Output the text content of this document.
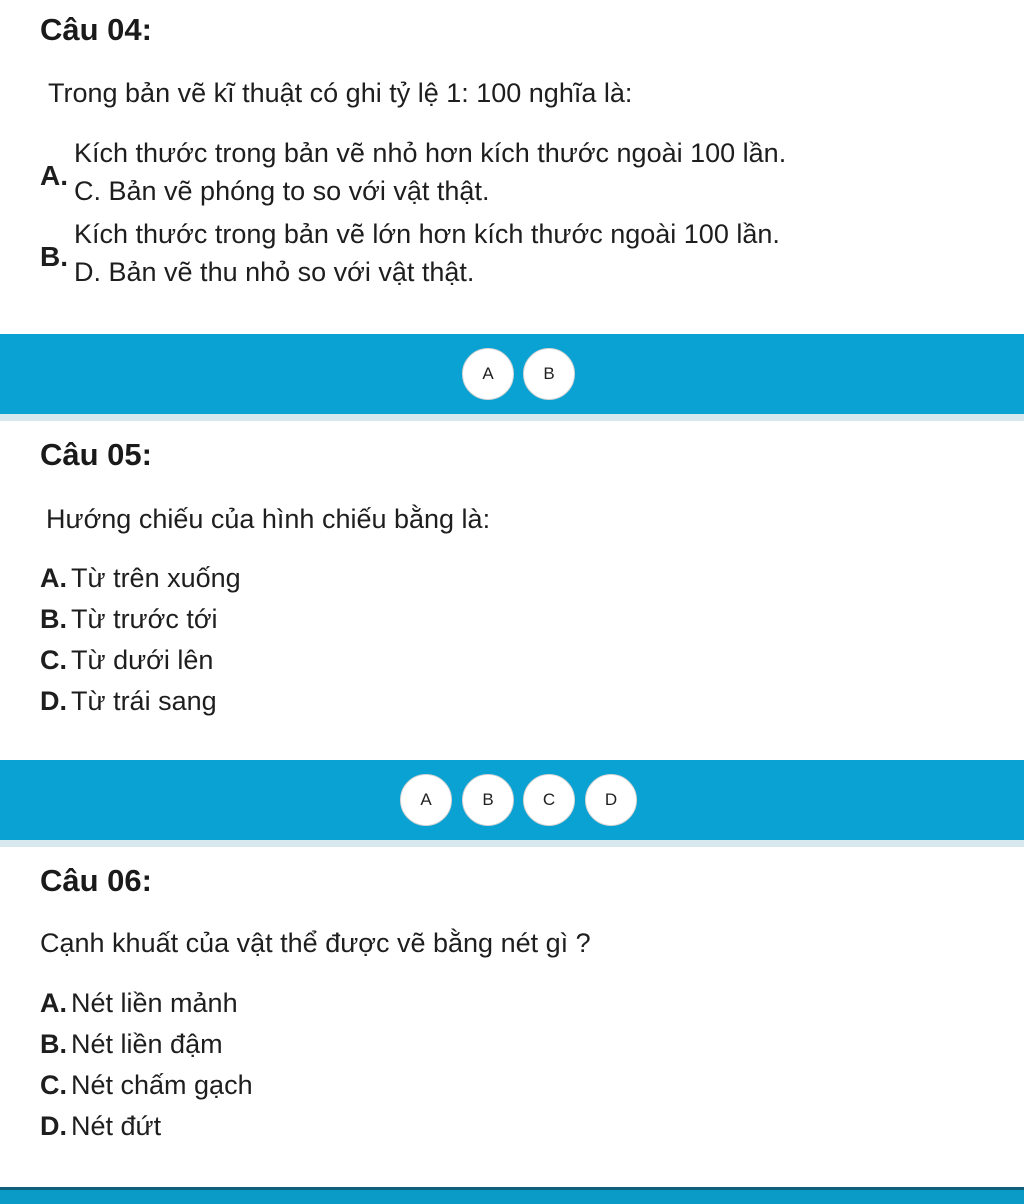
Câu 04:
Trong bản vẽ kĩ thuật có ghi tỷ lệ 1: 100 nghĩa là:
A.
Kích thước trong bản vẽ nhỏ hơn kích thước ngoài 100 lần.
C. Bản vẽ phóng to so với vật thật.
B.
Kích thước trong bản vẽ lớn hơn kích thước ngoài 100 lần.
D. Bản vẽ thu nhỏ so với vật thật.
A	B
Câu 05:
Hướng chiếu của hình chiếu bằng là:
A. Từ trên xuống
B. Từ trước tới
C. Từ dưới lên
D. Từ trái sang
A	B	C	D
Câu 06:
Cạnh khuất của vật thể được vẽ bằng nét gì ?
A. Nét liền mảnh
B. Nét liền đậm
C. Nét chấm gạch
D. Nét đứt
